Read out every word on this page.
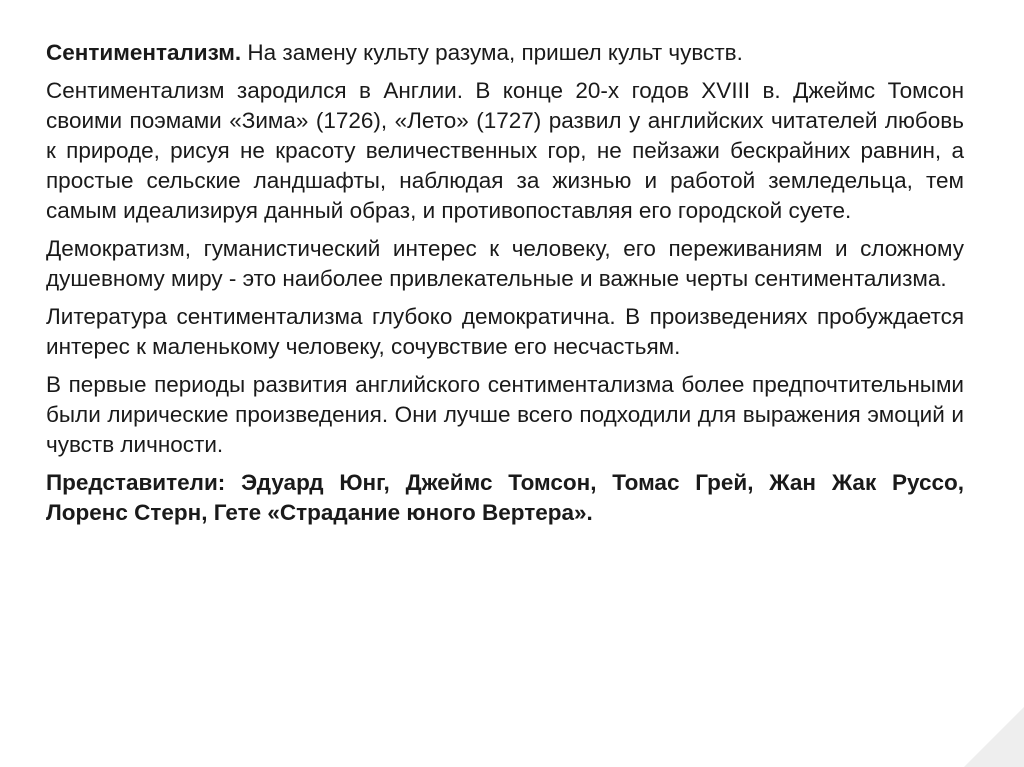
Сентиментализм. На замену культу разума, пришел культ чувств.

Сентиментализм зародился в Англии. В конце 20-х годов XVIII в. Джеймс Томсон своими поэмами «Зима» (1726), «Лето» (1727) развил у английских читателей любовь к природе, рисуя не красоту величественных гор, не пейзажи бескрайних равнин, а простые сельские ландшафты, наблюдая за жизнью и работой земледельца, тем самым идеализируя данный образ, и противопоставляя его городской суете.

Демократизм, гуманистический интерес к человеку, его переживаниям и сложному душевному миру - это наиболее привлекательные и важные черты сентиментализма.

Литература сентиментализма глубоко демократична. В произведениях пробуждается интерес к маленькому человеку, сочувствие его несчастьям.

В первые периоды развития английского сентиментализма более предпочтительными были лирические произведения. Они лучше всего подходили для выражения эмоций и чувств личности.

Представители: Эдуард Юнг, Джеймс Томсон, Томас Грей, Жан Жак Руссо, Лоренс Стерн, Гете «Страдание юного Вертера».
